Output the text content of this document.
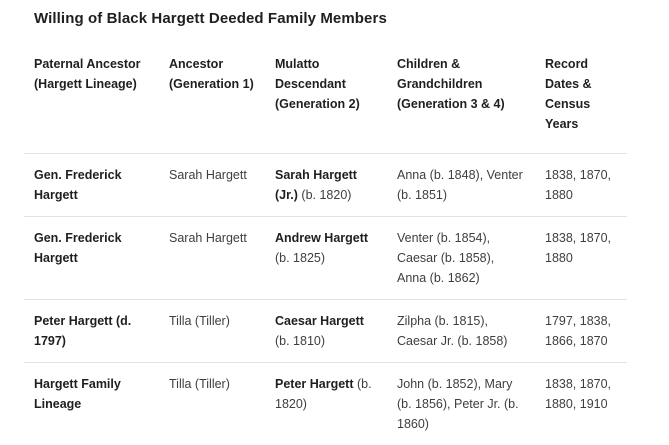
Willing of Black Hargett Deeded Family Members
Paternal Ancestor (Hargett Lineage)	Ancestor (Generation 1)	Mulatto Descendant (Generation 2)	Children & Grandchildren (Generation 3 & 4)	Record Dates & Census Years
Gen. Frederick Hargett	Sarah Hargett	Sarah Hargett (Jr.) (b. 1820)	Anna (b. 1848), Venter (b. 1851)	1838, 1870, 1880
Gen. Frederick Hargett	Sarah Hargett	Andrew Hargett (b. 1825)	Venter (b. 1854), Caesar (b. 1858), Anna (b. 1862)	1838, 1870, 1880
Peter Hargett (d. 1797)	Tilla (Tiller)	Caesar Hargett (b. 1810)	Zilpha (b. 1815), Caesar Jr. (b. 1858)	1797, 1838, 1866, 1870
Hargett Family Lineage	Tilla (Tiller)	Peter Hargett (b. 1820)	John (b. 1852), Mary (b. 1856), Peter Jr. (b. 1860)	1838, 1870, 1880, 1910
